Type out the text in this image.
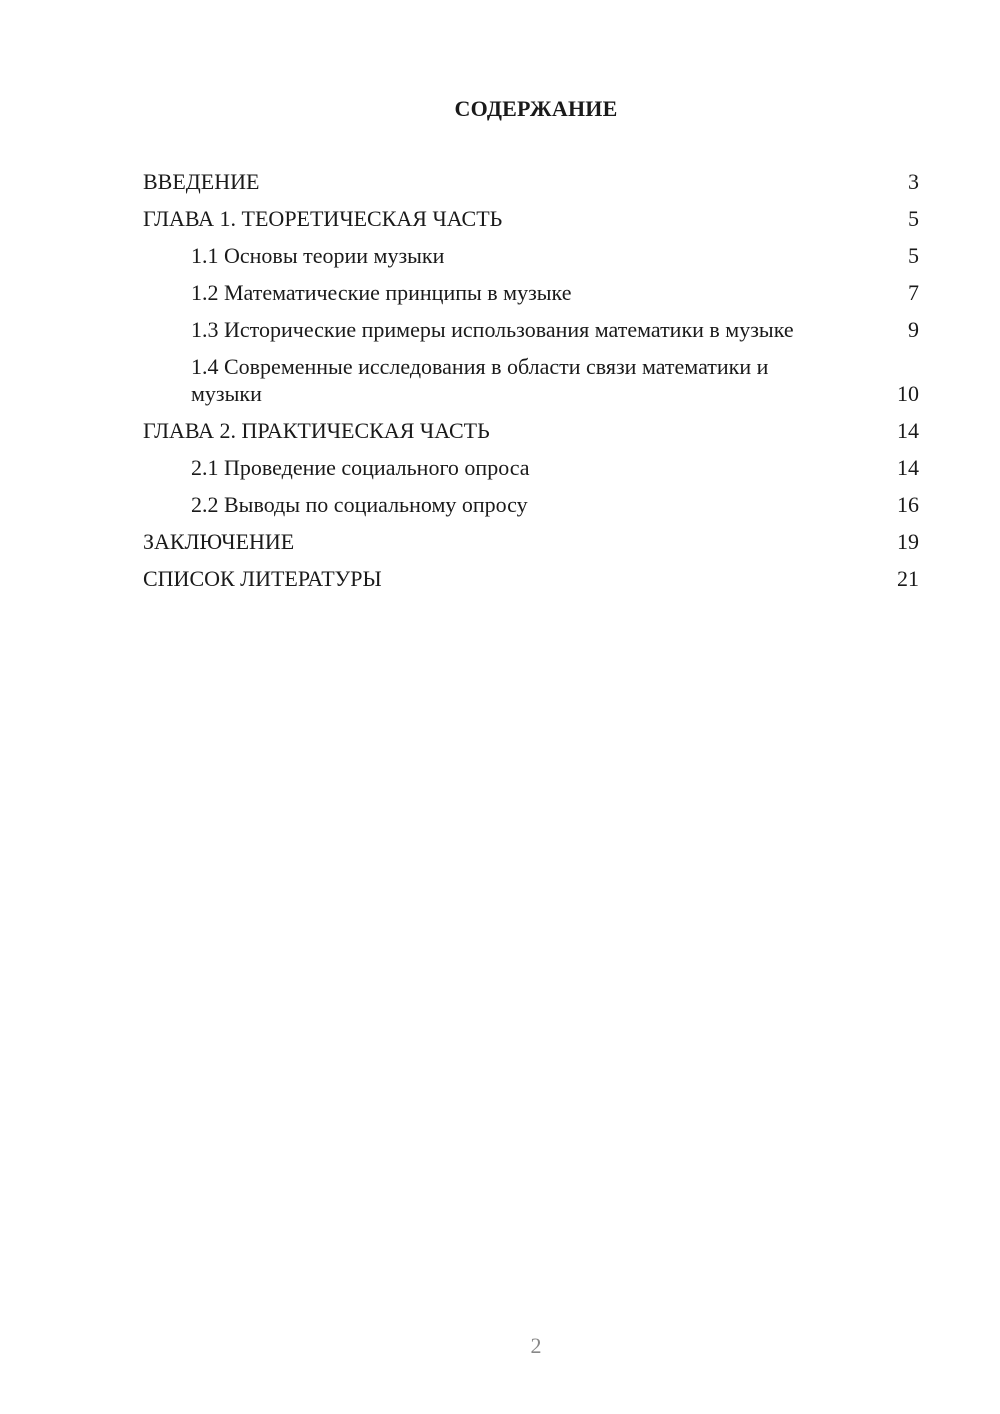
СОДЕРЖАНИЕ
ВВЕДЕНИЕ	3
ГЛАВА 1. ТЕОРЕТИЧЕСКАЯ ЧАСТЬ	5
1.1 Основы теории музыки	5
1.2 Математические принципы в музыке	7
1.3 Исторические примеры использования математики в музыке	9
1.4 Современные исследования в области связи математики и музыки	10
ГЛАВА 2. ПРАКТИЧЕСКАЯ ЧАСТЬ	14
2.1 Проведение социального опроса	14
2.2 Выводы по социальному опросу	16
ЗАКЛЮЧЕНИЕ	19
СПИСОК ЛИТЕРАТУРЫ	21
2
